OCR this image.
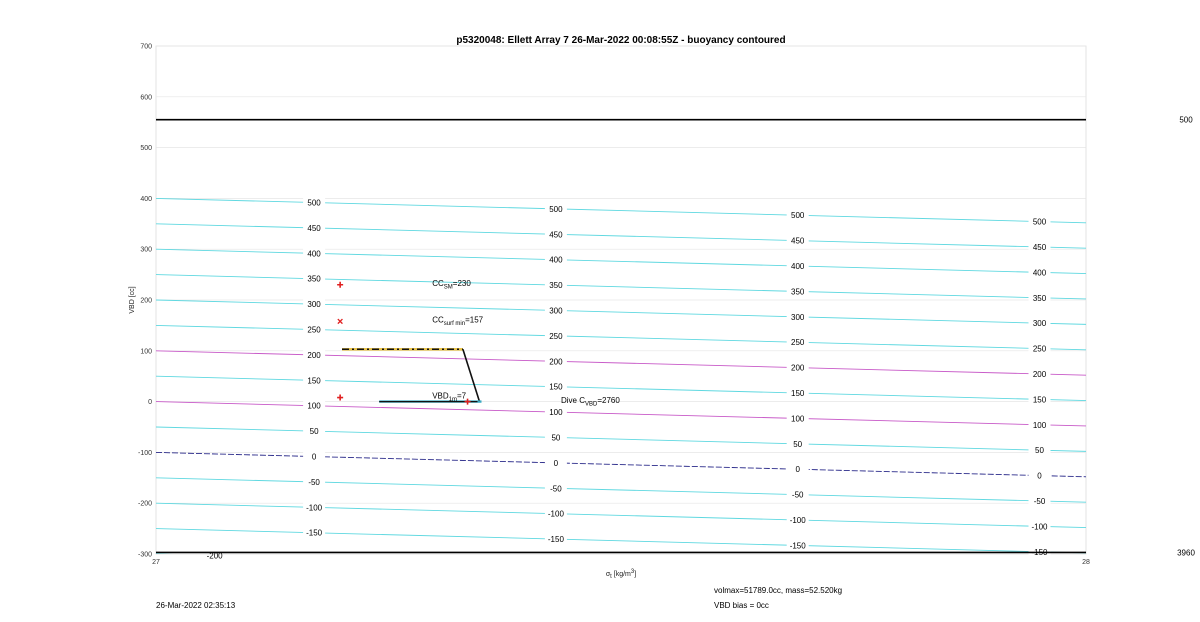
p5320048: Ellett Array 7 26-Mar-2022 00:08:55Z - buoyancy contoured
700
600
500
400
300
200
100
0
-100
-200
-300
27	28
500
450
400
350
300
250
200
150
100
50
0
-50
-100
-150
500
450
400
350
300
250
200
150
100
50
0
-50
-100
-150
500
450
400
350
300
250
200
150
100
50
0
-50
-100
-150
500
450
400
350
300
250
200
150
100
50
0
-50
-100
-150
-200
500
3960
$CC_{SM}=230$
$CC_{surf min}=157$
$VBD_{1m}=7$	Dive $C_{VBD}=2760$
VBD [cc]
σt [kg/m3]
26-Mar-2022 02:35:13
volmax=51789.0cc, mass=52.520kg
VBD bias = 0cc
